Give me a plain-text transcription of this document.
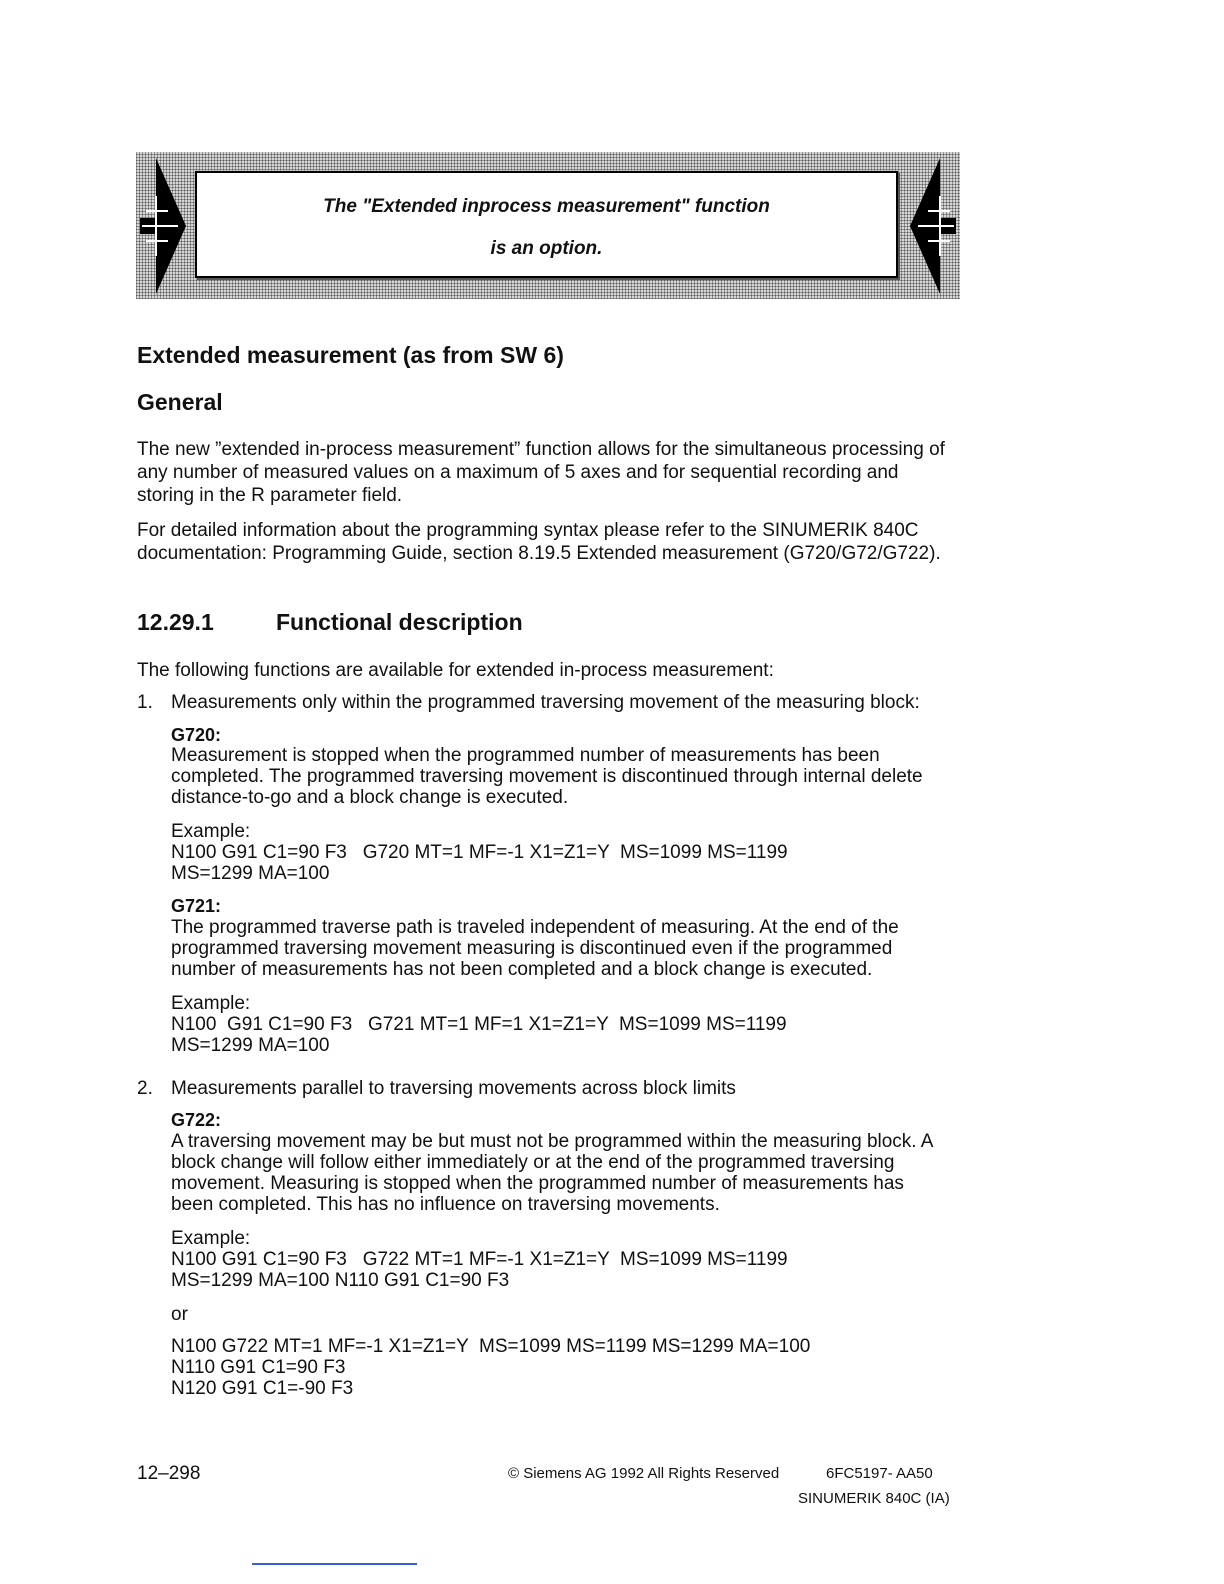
The "Extended inprocess measurement" function
is an option.
Extended measurement (as from SW 6)
General

The new ”extended in-process measurement” function allows for the simultaneous processing of any number of measured values on a maximum of 5 axes and for sequential recording and storing in the R parameter field.

For detailed information about the programming syntax please refer to the SINUMERIK 840C documentation: Programming Guide, section 8.19.5 Extended measurement (G720/G72/G722).

12.29.1	Functional description

The following functions are available for extended in-process measurement:

1. Measurements only within the programmed traversing movement of the measuring block:

G720:

Measurement is stopped when the programmed number of measurements has been completed. The programmed traversing movement is discontinued through internal delete distance-to-go and a block change is executed.

Example:

N100 G91 C1=90 F3   G720 MT=1 MF=-1 X1=Z1=Y  MS=1099 MS=1199

MS=1299 MA=100

G721:

The programmed traverse path is traveled independent of measuring. At the end of the programmed traversing movement measuring is discontinued even if the programmed number of measurements has not been completed and a block change is executed.

Example:

N100  G91 C1=90 F3   G721 MT=1 MF=1 X1=Z1=Y  MS=1099 MS=1199

MS=1299 MA=100

2. Measurements parallel to traversing movements across block limits

G722:

A traversing movement may be but must not be programmed within the measuring block. A block change will follow either immediately or at the end of the programmed traversing movement. Measuring is stopped when the programmed number of measurements has been completed. This has no influence on traversing movements.

Example:

N100 G91 C1=90 F3   G722 MT=1 MF=-1 X1=Z1=Y  MS=1099 MS=1199

MS=1299 MA=100 N110 G91 C1=90 F3

or

N100 G722 MT=1 MF=-1 X1=Z1=Y  MS=1099 MS=1199 MS=1299 MA=100

N110 G91 C1=90 F3

N120 G91 C1=-90 F3

12–298	© Siemens AG 1992 All Rights Reserved	6FC5197- AA50
SINUMERIK 840C (IA)
